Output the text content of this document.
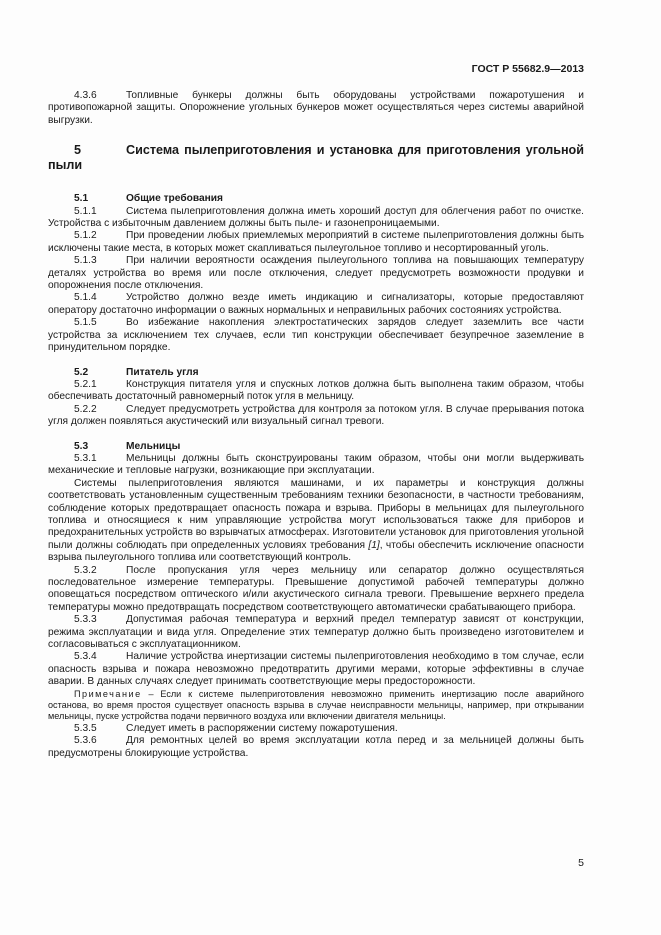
ГОСТ Р 55682.9—2013

4.3.6	Топливные бункеры должны быть оборудованы устройствами пожаротушения и противопожарной защиты. Опорожнение угольных бункеров может осуществляться через системы аварийной выгрузки.

5	Система пылеприготовления и установка для приготовления угольной пыли

5.1	Общие требования

5.1.1	Система пылеприготовления должна иметь хороший доступ для облегчения работ по очистке. Устройства с избыточным давлением должны быть пыле- и газонепроницаемыми.

5.1.2	При проведении любых приемлемых мероприятий в системе пылеприготовления должны быть исключены такие места, в которых может скапливаться пылеугольное топливо и несортированный уголь.

5.1.3	При наличии вероятности осаждения пылеугольного топлива на повышающих температуру деталях устройства во время или после отключения, следует предусмотреть возможности продувки и опорожнения после отключения.

5.1.4	Устройство должно везде иметь индикацию и сигнализаторы, которые предоставляют оператору достаточно информации о важных нормальных и неправильных рабочих состояниях устройства.

5.1.5	Во избежание накопления электростатических зарядов следует заземлить все части устройства за исключением тех случаев, если тип конструкции обеспечивает безупречное заземление в принудительном порядке.

5.2	Питатель угля

5.2.1	Конструкция питателя угля и спускных лотков должна быть выполнена таким образом, чтобы обеспечивать достаточный равномерный поток угля в мельницу.

5.2.2	Следует предусмотреть устройства для контроля за потоком угля. В случае прерывания потока угля должен появляться акустический или визуальный сигнал тревоги.

5.3	Мельницы

5.3.1	Мельницы должны быть сконструированы таким образом, чтобы они могли выдерживать механические и тепловые нагрузки, возникающие при эксплуатации.

Системы пылеприготовления являются машинами, и их параметры и конструкция должны соответствовать установленным существенным требованиям техники безопасности, в частности требованиям, соблюдение которых предотвращает опасность пожара и взрыва. Приборы в мельницах для пылеугольного топлива и относящиеся к ним управляющие устройства могут использоваться также для приборов и предохранительных устройств во взрывчатых атмосферах. Изготовители установок для приготовления угольной пыли должны соблюдать при определенных условиях требования [1], чтобы обеспечить исключение опасности взрыва пылеугольного топлива или соответствующий контроль.

5.3.2	После пропускания угля через мельницу или сепаратор должно осуществляться последовательное измерение температуры. Превышение допустимой рабочей температуры должно оповещаться посредством оптического и/или акустического сигнала тревоги. Превышение верхнего предела температуры можно предотвращать посредством соответствующего автоматически срабатывающего прибора.

5.3.3	Допустимая рабочая температура и верхний предел температур зависят от конструкции, режима эксплуатации и вида угля. Определение этих температур должно быть произведено изготовителем и согласовываться с эксплуатационником.

5.3.4	Наличие устройства инертизации системы пылеприготовления необходимо в том случае, если опасность взрыва и пожара невозможно предотвратить другими мерами, которые эффективны в случае аварии. В данных случаях следует принимать соответствующие меры предосторожности.

Примечание – Если к системе пылеприготовления невозможно применить инертизацию после аварийного останова, во время простоя существует опасность взрыва в случае неисправности мельницы, например, при открывании мельницы, пуске устройства подачи первичного воздуха или включении двигателя мельницы.

5.3.5	Следует иметь в распоряжении систему пожаротушения.

5.3.6	Для ремонтных целей во время эксплуатации котла перед и за мельницей должны быть предусмотрены блокирующие устройства.

5
